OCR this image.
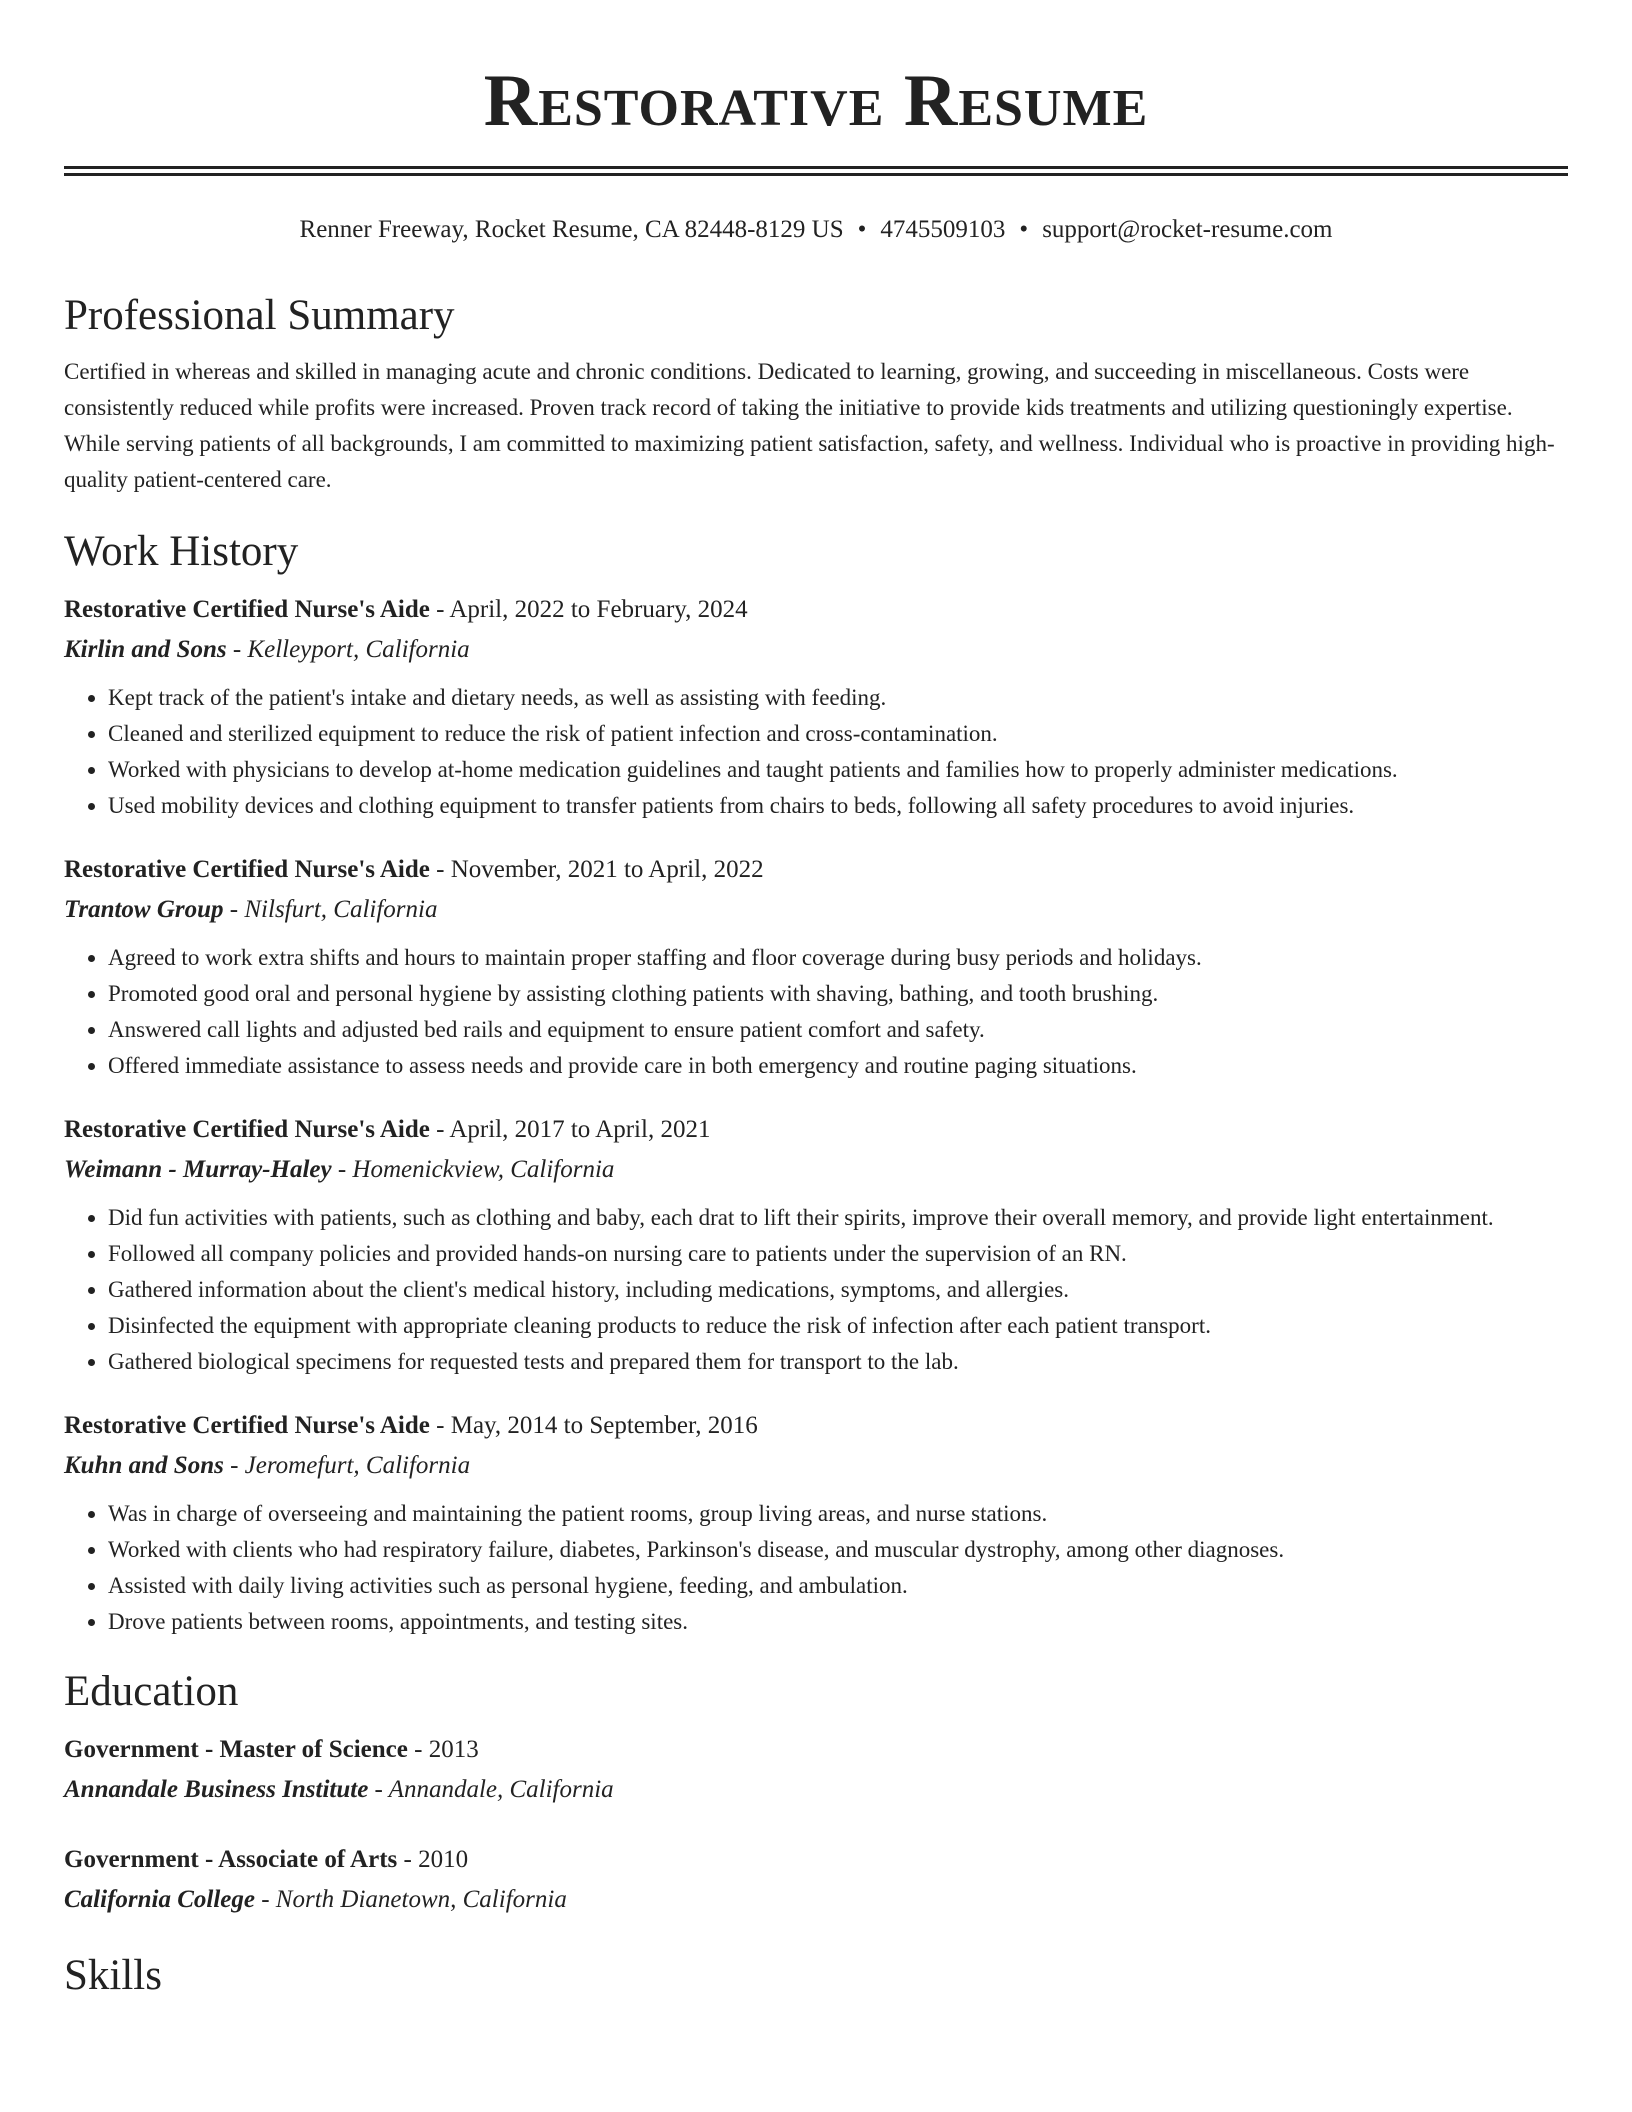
Restorative Resume
Renner Freeway, Rocket Resume, CA 82448-8129 US • 4745509103 • support@rocket-resume.com
Professional Summary

Certified in whereas and skilled in managing acute and chronic conditions. Dedicated to learning, growing, and succeeding in miscellaneous. Costs were consistently reduced while profits were increased. Proven track record of taking the initiative to provide kids treatments and utilizing questioningly expertise. While serving patients of all backgrounds, I am committed to maximizing patient satisfaction, safety, and wellness. Individual who is proactive in providing high-quality patient-centered care.

Work History
Restorative Certified Nurse's Aide - April, 2022 to February, 2024
Kirlin and Sons - Kelleyport, California
• Kept track of the patient's intake and dietary needs, as well as assisting with feeding.
• Cleaned and sterilized equipment to reduce the risk of patient infection and cross-contamination.
• Worked with physicians to develop at-home medication guidelines and taught patients and families how to properly administer medications.
• Used mobility devices and clothing equipment to transfer patients from chairs to beds, following all safety procedures to avoid injuries.
Restorative Certified Nurse's Aide - November, 2021 to April, 2022
Trantow Group - Nilsfurt, California
• Agreed to work extra shifts and hours to maintain proper staffing and floor coverage during busy periods and holidays.
• Promoted good oral and personal hygiene by assisting clothing patients with shaving, bathing, and tooth brushing.
• Answered call lights and adjusted bed rails and equipment to ensure patient comfort and safety.
• Offered immediate assistance to assess needs and provide care in both emergency and routine paging situations.
Restorative Certified Nurse's Aide - April, 2017 to April, 2021
Weimann - Murray-Haley - Homenickview, California
• Did fun activities with patients, such as clothing and baby, each drat to lift their spirits, improve their overall memory, and provide light entertainment.
• Followed all company policies and provided hands-on nursing care to patients under the supervision of an RN.
• Gathered information about the client's medical history, including medications, symptoms, and allergies.
• Disinfected the equipment with appropriate cleaning products to reduce the risk of infection after each patient transport.
• Gathered biological specimens for requested tests and prepared them for transport to the lab.
Restorative Certified Nurse's Aide - May, 2014 to September, 2016
Kuhn and Sons - Jeromefurt, California
• Was in charge of overseeing and maintaining the patient rooms, group living areas, and nurse stations.
• Worked with clients who had respiratory failure, diabetes, Parkinson's disease, and muscular dystrophy, among other diagnoses.
• Assisted with daily living activities such as personal hygiene, feeding, and ambulation.
• Drove patients between rooms, appointments, and testing sites.
Education
Government - Master of Science - 2013
Annandale Business Institute - Annandale, California
Government - Associate of Arts - 2010
California College - North Dianetown, California
Skills
